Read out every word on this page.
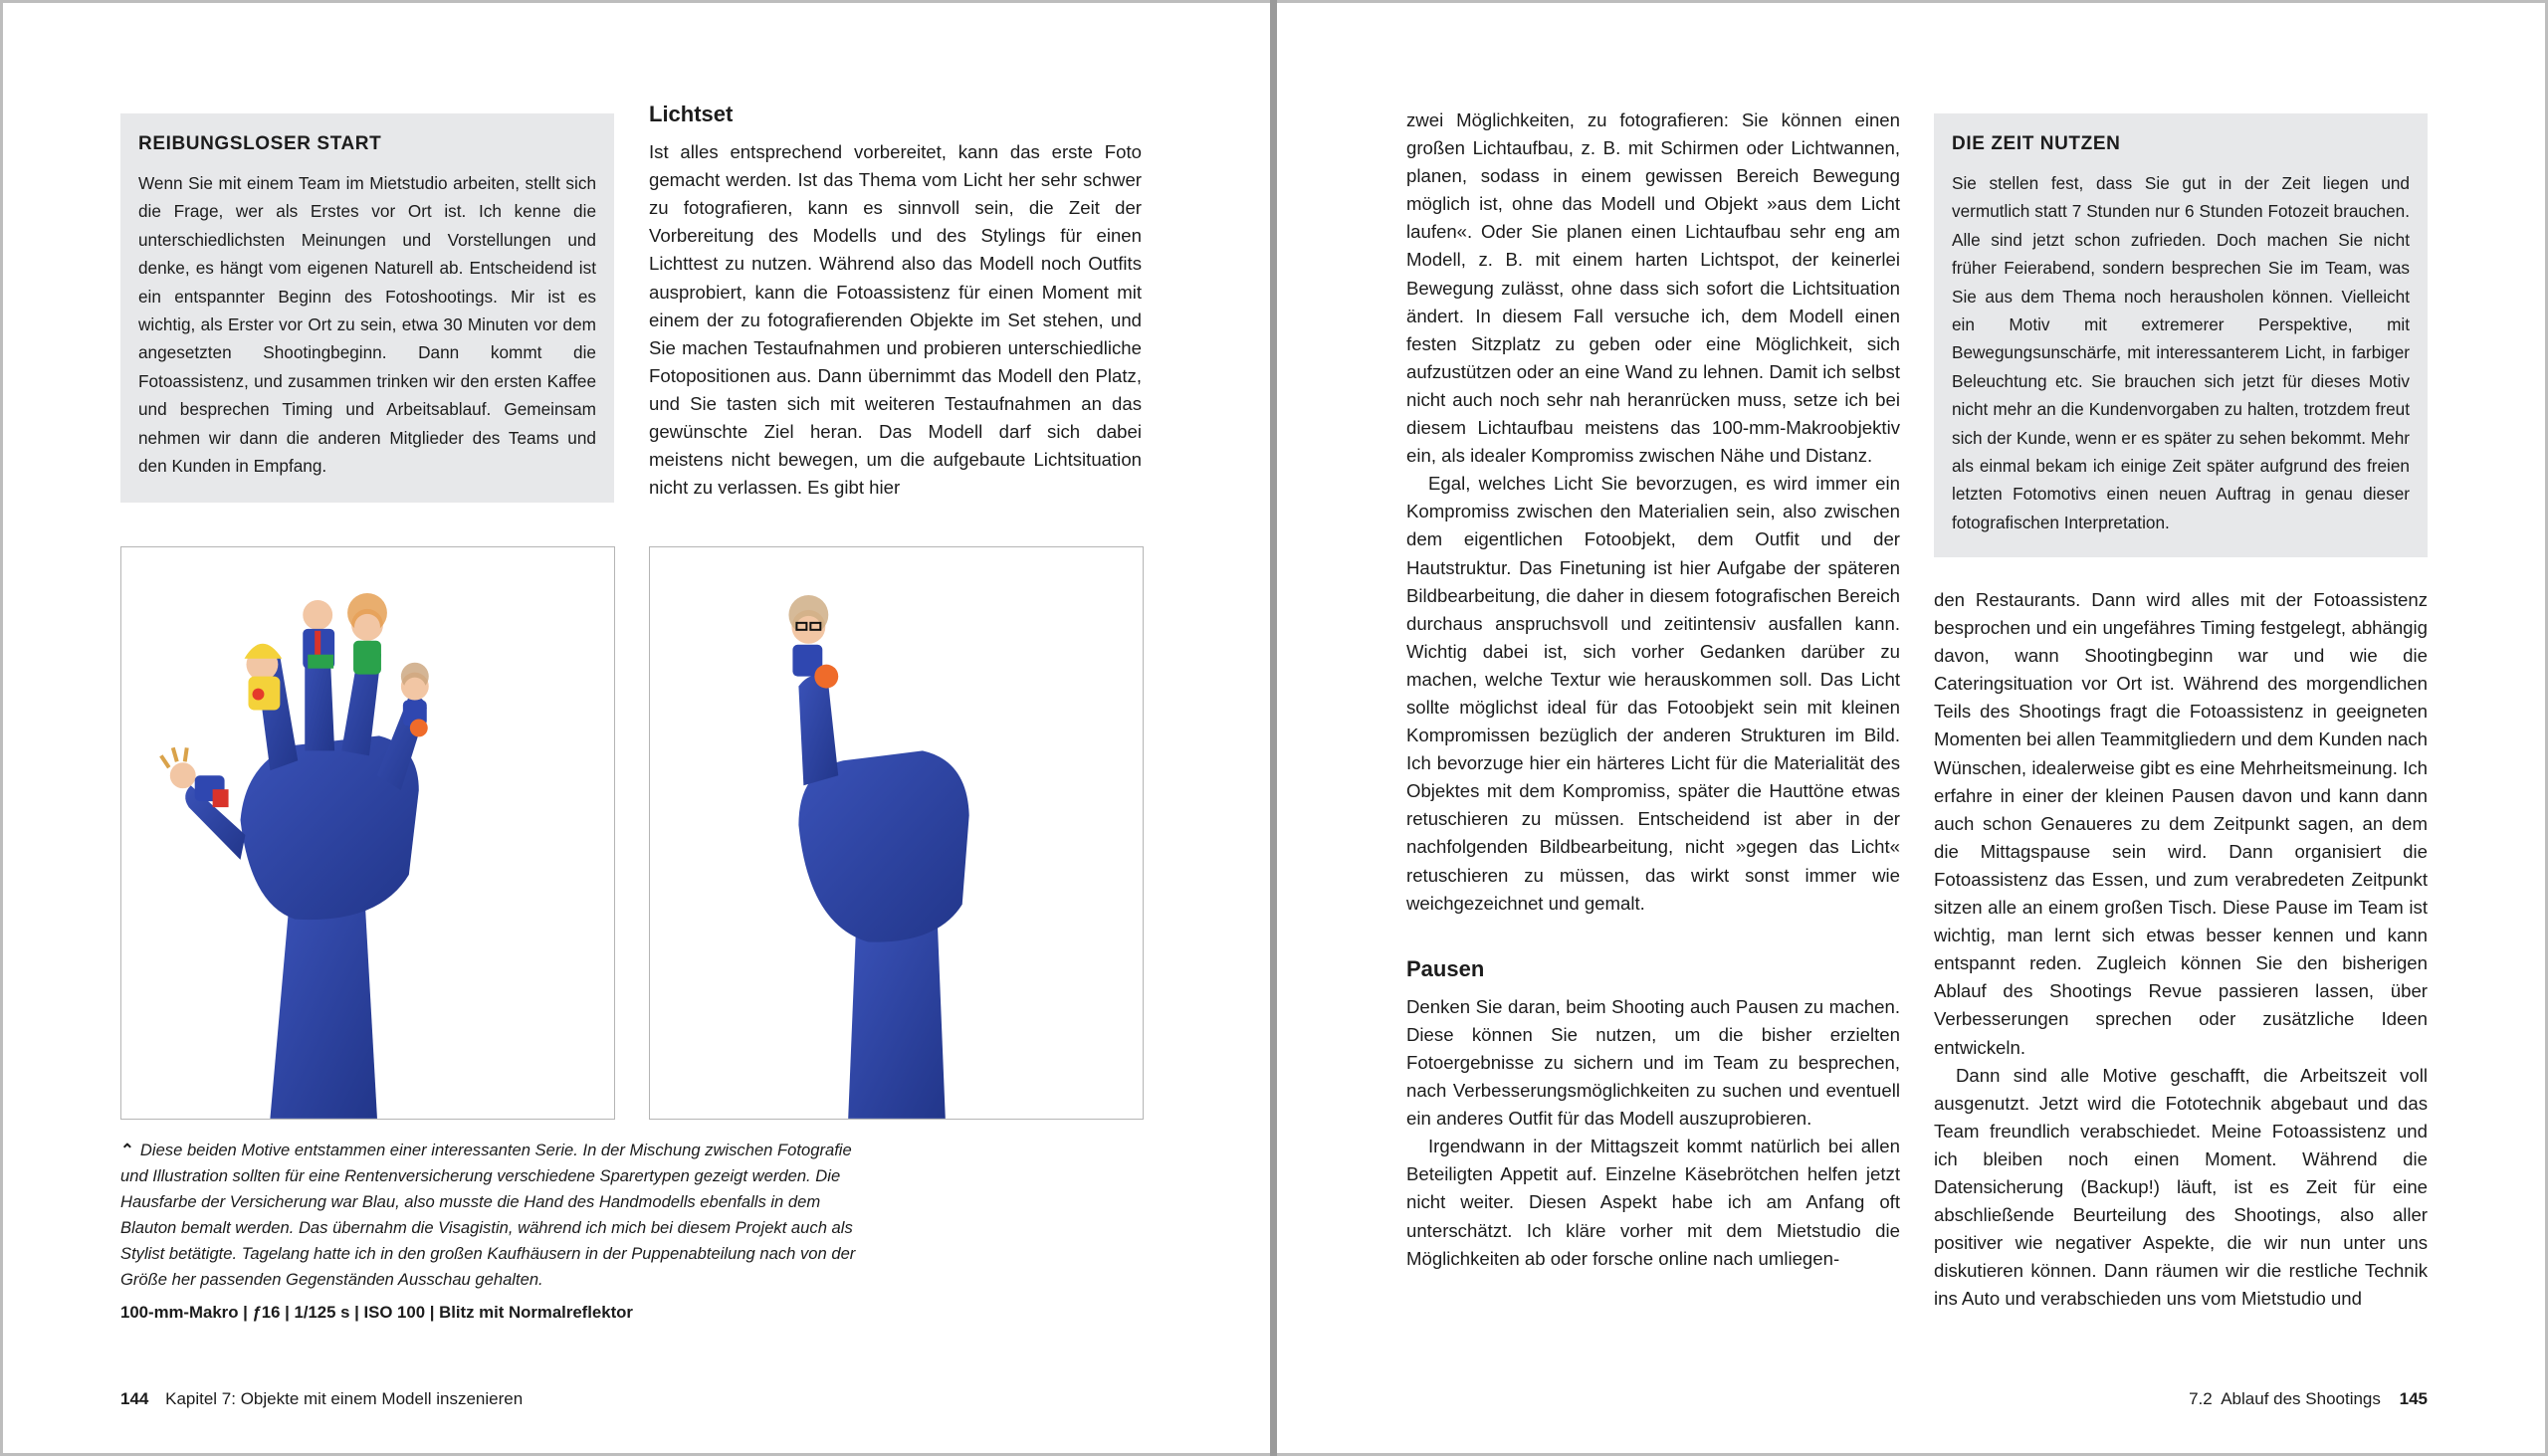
REIBUNGSLOSER START

Wenn Sie mit einem Team im Mietstudio arbeiten, stellt sich die Frage, wer als Erstes vor Ort ist. Ich kenne die unterschiedlichsten Meinungen und Vorstellungen und denke, es hängt vom eigenen Naturell ab. Entscheidend ist ein entspannter Beginn des Fotoshootings. Mir ist es wichtig, als Erster vor Ort zu sein, etwa 30 Minuten vor dem angesetzten Shootingbeginn. Dann kommt die Fotoassistenz, und zusammen trinken wir den ersten Kaffee und besprechen Timing und Arbeitsablauf. Gemeinsam nehmen wir dann die anderen Mitglieder des Teams und den Kunden in Empfang.

Lichtset

Ist alles entsprechend vorbereitet, kann das erste Foto gemacht werden. Ist das Thema vom Licht her sehr schwer zu fotografieren, kann es sinnvoll sein, die Zeit der Vorbereitung des Modells und des Stylings für einen Lichttest zu nutzen. Während also das Modell noch Outfits ausprobiert, kann die Fotoassistenz für einen Moment mit einem der zu fotografierenden Objekte im Set stehen, und Sie machen Testaufnahmen und probieren unterschiedliche Fotopositionen aus. Dann übernimmt das Modell den Platz, und Sie tasten sich mit weiteren Testaufnahmen an das gewünschte Ziel heran. Das Modell darf sich dabei meistens nicht bewegen, um die aufgebaute Lichtsituation nicht zu verlassen. Es gibt hier

⌃ Diese beiden Motive entstammen einer interessanten Serie. In der Mischung zwischen Fotografie und Illustration sollten für eine Rentenversicherung verschiedene Sparertypen gezeigt werden. Die Hausfarbe der Versicherung war Blau, also musste die Hand des Handmodells ebenfalls in dem Blauton bemalt werden. Das übernahm die Visagistin, während ich mich bei diesem Projekt auch als Stylist betätigte. Tagelang hatte ich in den großen Kaufhäusern in der Puppenabteilung nach von der Größe her passenden Gegenständen Ausschau gehalten.
100-mm-Makro | ƒ16 | 1/125 s | ISO 100 | Blitz mit Normalreflektor
144 Kapitel 7: Objekte mit einem Modell inszenieren

zwei Möglichkeiten, zu fotografieren: Sie können einen großen Lichtaufbau, z. B. mit Schirmen oder Lichtwannen, planen, sodass in einem gewissen Bereich Bewegung möglich ist, ohne das Modell und Objekt »aus dem Licht laufen«. Oder Sie planen einen Lichtaufbau sehr eng am Modell, z. B. mit einem harten Lichtspot, der keinerlei Bewegung zulässt, ohne dass sich sofort die Lichtsituation ändert. In diesem Fall versuche ich, dem Modell einen festen Sitzplatz zu geben oder eine Möglichkeit, sich aufzustützen oder an eine Wand zu lehnen. Damit ich selbst nicht auch noch sehr nah heranrücken muss, setze ich bei diesem Lichtaufbau meistens das 100-mm-Makroobjektiv ein, als idealer Kompromiss zwischen Nähe und Distanz.

Egal, welches Licht Sie bevorzugen, es wird immer ein Kompromiss zwischen den Materialien sein, also zwischen dem eigentlichen Fotoobjekt, dem Outfit und der Hautstruktur. Das Finetuning ist hier Aufgabe der späteren Bildbearbeitung, die daher in diesem fotografischen Bereich durchaus anspruchsvoll und zeitintensiv ausfallen kann. Wichtig dabei ist, sich vorher Gedanken darüber zu machen, welche Textur wie herauskommen soll. Das Licht sollte möglichst ideal für das Fotoobjekt sein mit kleinen Kompromissen bezüglich der anderen Strukturen im Bild. Ich bevorzuge hier ein härteres Licht für die Materialität des Objektes mit dem Kompromiss, später die Hauttöne etwas retuschieren zu müssen. Entscheidend ist aber in der nachfolgenden Bildbearbeitung, nicht »gegen das Licht« retuschieren zu müssen, das wirkt sonst immer wie weichgezeichnet und gemalt.

Pausen

Denken Sie daran, beim Shooting auch Pausen zu machen. Diese können Sie nutzen, um die bisher erzielten Fotoergebnisse zu sichern und im Team zu besprechen, nach Verbesserungsmöglichkeiten zu suchen und eventuell ein anderes Outfit für das Modell auszuprobieren.

Irgendwann in der Mittagszeit kommt natürlich bei allen Beteiligten Appetit auf. Einzelne Käsebrötchen helfen jetzt nicht weiter. Diesen Aspekt habe ich am Anfang oft unterschätzt. Ich kläre vorher mit dem Mietstudio die Möglichkeiten ab oder forsche online nach umliegen-

DIE ZEIT NUTZEN

Sie stellen fest, dass Sie gut in der Zeit liegen und vermutlich statt 7 Stunden nur 6 Stunden Fotozeit brauchen. Alle sind jetzt schon zufrieden. Doch machen Sie nicht früher Feierabend, sondern besprechen Sie im Team, was Sie aus dem Thema noch herausholen können. Vielleicht ein Motiv mit extremerer Perspektive, mit Bewegungsunschärfe, mit interessanterem Licht, in farbiger Beleuchtung etc. Sie brauchen sich jetzt für dieses Motiv nicht mehr an die Kundenvorgaben zu halten, trotzdem freut sich der Kunde, wenn er es später zu sehen bekommt. Mehr als einmal bekam ich einige Zeit später aufgrund des freien letzten Fotomotivs einen neuen Auftrag in genau dieser fotografischen Interpretation.

den Restaurants. Dann wird alles mit der Fotoassistenz besprochen und ein ungefähres Timing festgelegt, abhängig davon, wann Shootingbeginn war und wie die Cateringsituation vor Ort ist. Während des morgendlichen Teils des Shootings fragt die Fotoassistenz in geeigneten Momenten bei allen Teammitgliedern und dem Kunden nach Wünschen, idealerweise gibt es eine Mehrheitsmeinung. Ich erfahre in einer der kleinen Pausen davon und kann dann auch schon Genaueres zu dem Zeitpunkt sagen, an dem die Mittagspause sein wird. Dann organisiert die Fotoassistenz das Essen, und zum verabredeten Zeitpunkt sitzen alle an einem großen Tisch. Diese Pause im Team ist wichtig, man lernt sich etwas besser kennen und kann entspannt reden. Zugleich können Sie den bisherigen Ablauf des Shootings Revue passieren lassen, über Verbesserungen sprechen oder zusätzliche Ideen entwickeln.

Dann sind alle Motive geschafft, die Arbeitszeit voll ausgenutzt. Jetzt wird die Fototechnik abgebaut und das Team freundlich verabschiedet. Meine Fotoassistenz und ich bleiben noch einen Moment. Während die Datensicherung (Backup!) läuft, ist es Zeit für eine abschließende Beurteilung des Shootings, also aller positiver wie negativer Aspekte, die wir nun unter uns diskutieren können. Dann räumen wir die restliche Technik ins Auto und verabschieden uns vom Mietstudio und

7.2  Ablauf des Shootings 145
